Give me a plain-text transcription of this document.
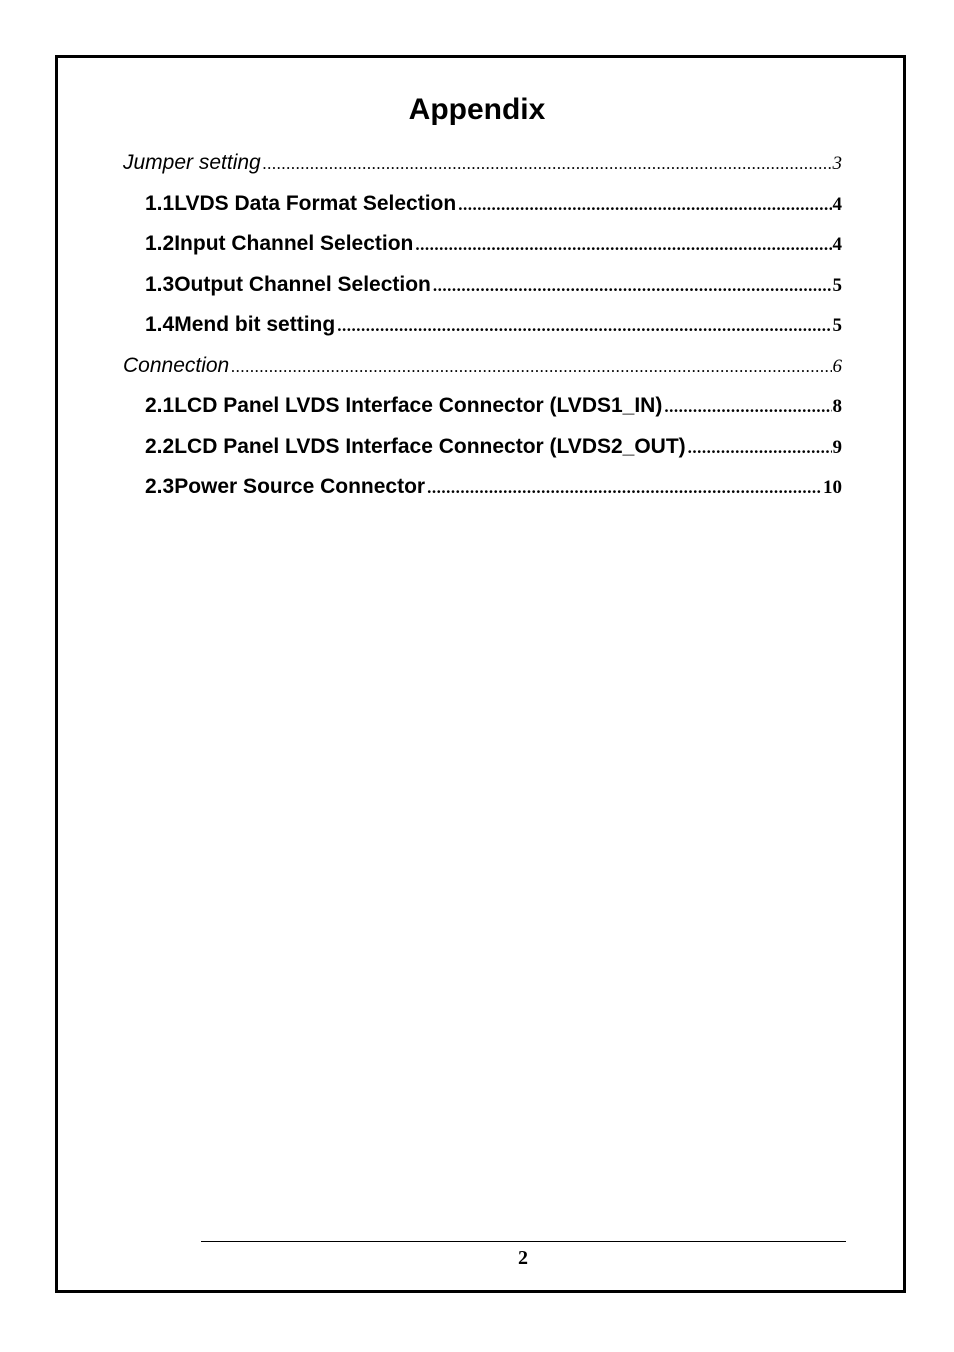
Appendix
Jumper setting .....	3
1.1 LVDS Data Format Selection .....	4
1.2 Input Channel Selection .....	4
1.3 Output Channel Selection .....	5
1.4 Mend bit setting .....	5
Connection .....	6
2.1 LCD Panel LVDS Interface Connector (LVDS1_IN) .....	8
2.2 LCD Panel LVDS Interface Connector (LVDS2_OUT) .....	9
2.3 Power Source Connector .....	10
2
